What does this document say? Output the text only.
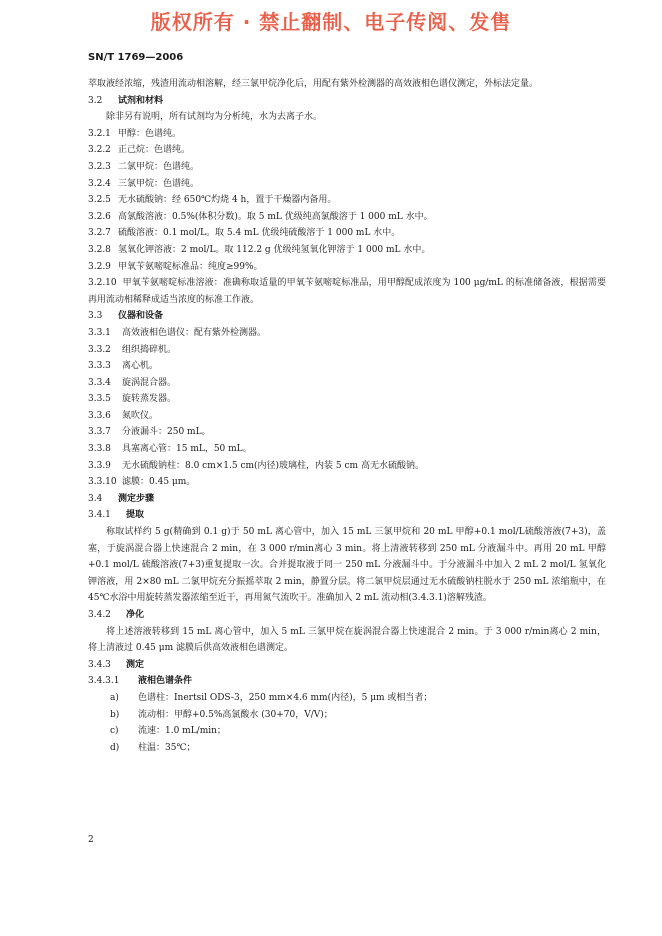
版权所有 · 禁止翻制、电子传阅、发售
SN/T 1769—2006

萃取液经浓缩，残渣用流动相溶解，经三氯甲烷净化后，用配有紫外检测器的高效液相色谱仪测定，外标法定量。

3.2	试剂和材料

除非另有说明，所有试剂均为分析纯，水为去离子水。

3.2.1 甲醇：色谱纯。
3.2.2 正己烷：色谱纯。
3.2.3 二氯甲烷：色谱纯。
3.2.4 三氯甲烷：色谱纯。
3.2.5 无水硫酸钠：经 650℃灼烧 4 h，置于干燥器内备用。
3.2.6 高氯酸溶液：0.5%(体积分数)。取 5 mL 优级纯高氯酸溶于 1 000 mL 水中。
3.2.7 硫酸溶液：0.1 mol/L。取 5.4 mL 优级纯硫酸溶于 1 000 mL 水中。
3.2.8 氢氧化钾溶液：2 mol/L。取 112.2 g 优级纯氢氧化钾溶于 1 000 mL 水中。
3.2.9 甲氧苄氨嘧啶标准品：纯度≥99%。
3.2.10 甲氧苄氨嘧啶标准溶液：准确称取适量的甲氧苄氨嘧啶标准品，用甲醇配成浓度为 100 μg/mL 的标准储备液，根据需要再用流动相稀释成适当浓度的标准工作液。
3.3	仪器和设备
3.3.1	高效液相色谱仪：配有紫外检测器。
3.3.2	组织捣碎机。
3.3.3	离心机。
3.3.4	旋涡混合器。
3.3.5	旋转蒸发器。
3.3.6	氮吹仪。
3.3.7	分液漏斗：250 mL。
3.3.8	具塞离心管：15 mL，50 mL。
3.3.9	无水硫酸钠柱：8.0 cm×1.5 cm(内径)玻璃柱，内装 5 cm 高无水硫酸钠。
3.3.10 滤膜：0.45 μm。
3.4	测定步骤
3.4.1	提取

称取试样约 5 g(精确到 0.1 g)于 50 mL 离心管中，加入 15 mL 三氯甲烷和 20 mL 甲醇+0.1 mol/L硫酸溶液(7+3)，盖塞，于旋涡混合器上快速混合 2 min，在 3 000 r/min离心 3 min。将上清液转移到 250 mL 分液漏斗中。再用 20 mL 甲醇+0.1 mol/L 硫酸溶液(7+3)重复提取一次。合并提取液于同一 250 mL 分液漏斗中。于分液漏斗中加入 2 mL 2 mol/L 氢氧化钾溶液，用 2×80 mL 二氯甲烷充分振摇萃取 2 min，静置分层。将二氯甲烷层通过无水硫酸钠柱脱水于 250 mL 浓缩瓶中，在 45℃水浴中用旋转蒸发器浓缩至近干，再用氮气流吹干。准确加入 2 mL 流动相(3.4.3.1)溶解残渣。

3.4.2	净化

将上述溶液转移到 15 mL 离心管中，加入 5 mL 三氯甲烷在旋涡混合器上快速混合 2 min。于 3 000 r/min离心 2 min，将上清液过 0.45 μm 滤膜后供高效液相色谱测定。

3.4.3	测定
3.4.3.1	液相色谱条件
a)	色谱柱：Inertsil ODS-3，250 mm×4.6 mm(内径)，5 μm 或相当者；
b)	流动相：甲醇+0.5%高氯酸水 (30+70，V/V)；
c)	流速：1.0 mL/min；
d)	柱温：35℃；
2
